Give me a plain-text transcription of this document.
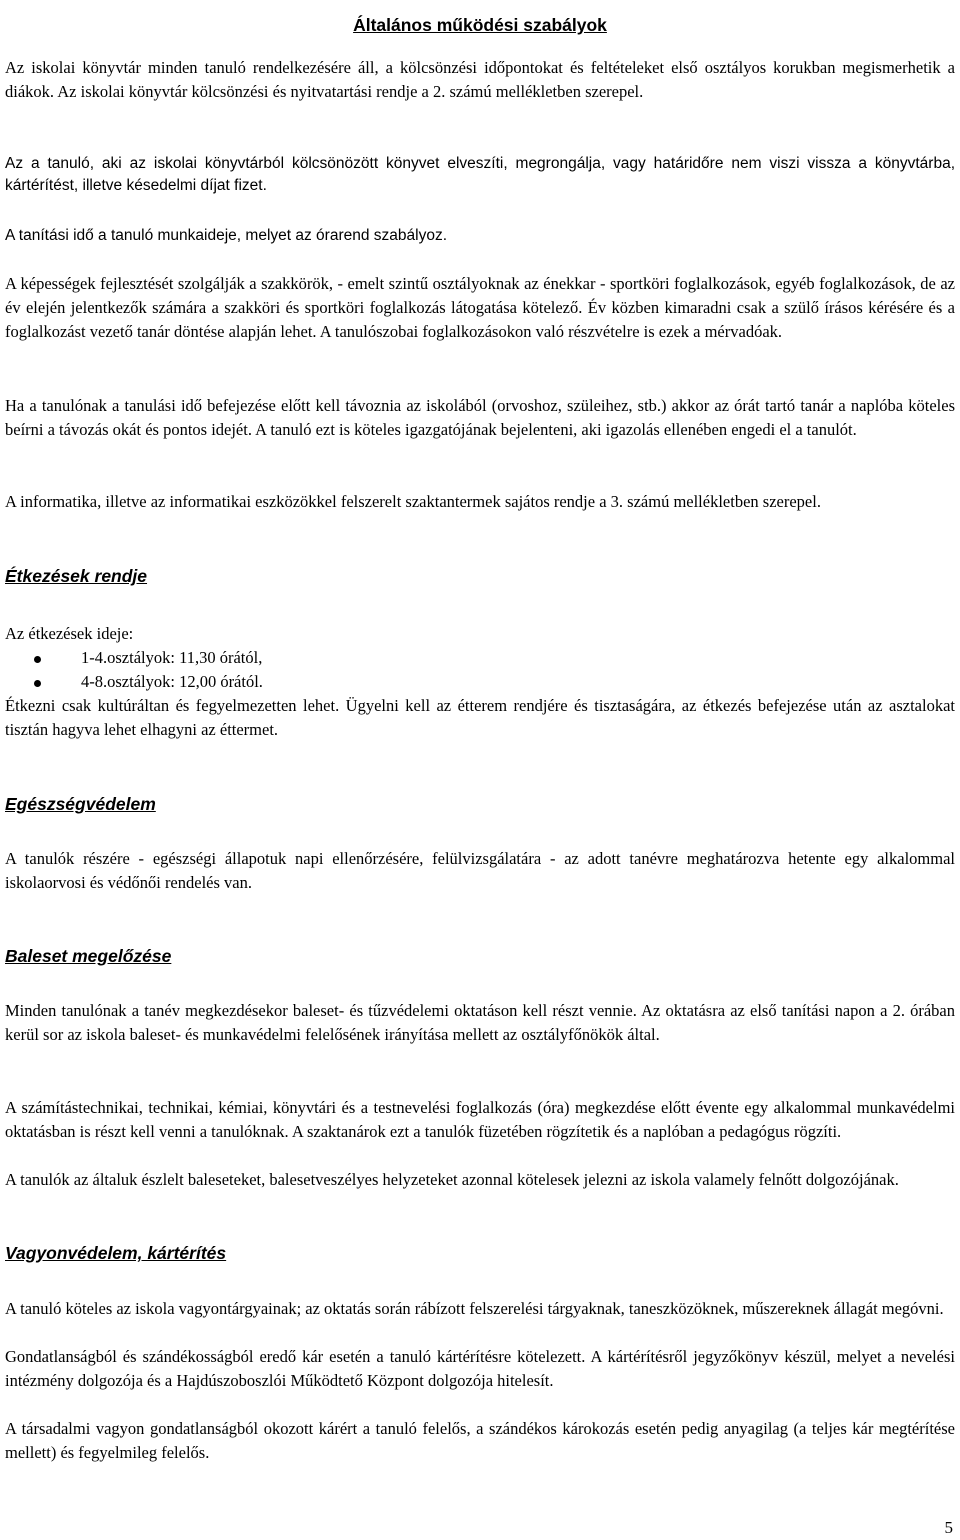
Általános működési szabályok

Az iskolai könyvtár minden tanuló rendelkezésére áll, a kölcsönzési időpontokat és feltételeket első osztályos korukban megismerhetik a diákok. Az iskolai könyvtár kölcsönzési és nyitvatartási rendje a 2. számú mellékletben szerepel.

Az a tanuló, aki az iskolai könyvtárból kölcsönözött könyvet elveszíti, megrongálja, vagy határidőre nem viszi vissza a könyvtárba, kártérítést, illetve késedelmi díjat fizet.

A tanítási idő a tanuló munkaideje, melyet az órarend szabályoz.

A képességek fejlesztését szolgálják a szakkörök, - emelt szintű osztályoknak az énekkar - sportköri foglalkozások, egyéb foglalkozások, de az év elején jelentkezők számára a szakköri és sportköri foglalkozás látogatása kötelező. Év közben kimaradni csak a szülő írásos kérésére és a foglalkozást vezető tanár döntése alapján lehet. A tanulószobai foglalkozásokon való részvételre is ezek a mérvadóak.

Ha a tanulónak a tanulási idő befejezése előtt kell távoznia az iskolából (orvoshoz, szüleihez, stb.) akkor az órát tartó tanár a naplóba köteles beírni a távozás okát és pontos idejét. A tanuló ezt is köteles igazgatójának bejelenteni, aki igazolás ellenében engedi el a tanulót.

A informatika, illetve az informatikai eszközökkel felszerelt szaktantermek sajátos rendje a 3. számú mellékletben szerepel.

Étkezések rendje

Az étkezések ideje:

1-4.osztályok: 11,30 órától,
4-8.osztályok: 12,00 órától.

Étkezni csak kultúráltan és fegyelmezetten lehet. Ügyelni kell az étterem rendjére és tisztaságára, az étkezés befejezése után az asztalokat tisztán hagyva lehet elhagyni az éttermet.

Egészségvédelem

A tanulók részére - egészségi állapotuk napi ellenőrzésére, felülvizsgálatára - az adott tanévre meghatározva hetente egy alkalommal iskolaorvosi és védőnői rendelés van.

Baleset megelőzése

Minden tanulónak a tanév megkezdésekor baleset- és tűzvédelemi oktatáson kell részt vennie. Az oktatásra az első tanítási napon a 2. órában kerül sor az iskola baleset- és munkavédelmi felelősének irányítása mellett az osztályfőnökök által.

A számítástechnikai, technikai, kémiai, könyvtári és a testnevelési foglalkozás (óra) megkezdése előtt évente egy alkalommal munkavédelmi oktatásban is részt kell venni a tanulóknak. A szaktanárok ezt a tanulók füzetében rögzítetik és a naplóban a pedagógus rögzíti.

A tanulók az általuk észlelt baleseteket, balesetveszélyes helyzeteket azonnal kötelesek jelezni az iskola valamely felnőtt dolgozójának.

Vagyonvédelem, kártérítés

A tanuló köteles az iskola vagyontárgyainak; az oktatás során rábízott felszerelési tárgyaknak, taneszközöknek, műszereknek állagát megóvni.

Gondatlanságból és szándékosságból eredő kár esetén a tanuló kártérítésre kötelezett. A kártérítésről jegyzőkönyv készül, melyet a nevelési intézmény dolgozója és a Hajdúszoboszlói Működtető Központ dolgozója hitelesít.

A társadalmi vagyon gondatlanságból okozott kárért a tanuló felelős, a szándékos károkozás esetén pedig anyagilag (a teljes kár megtérítése mellett) és fegyelmileg felelős.

5
